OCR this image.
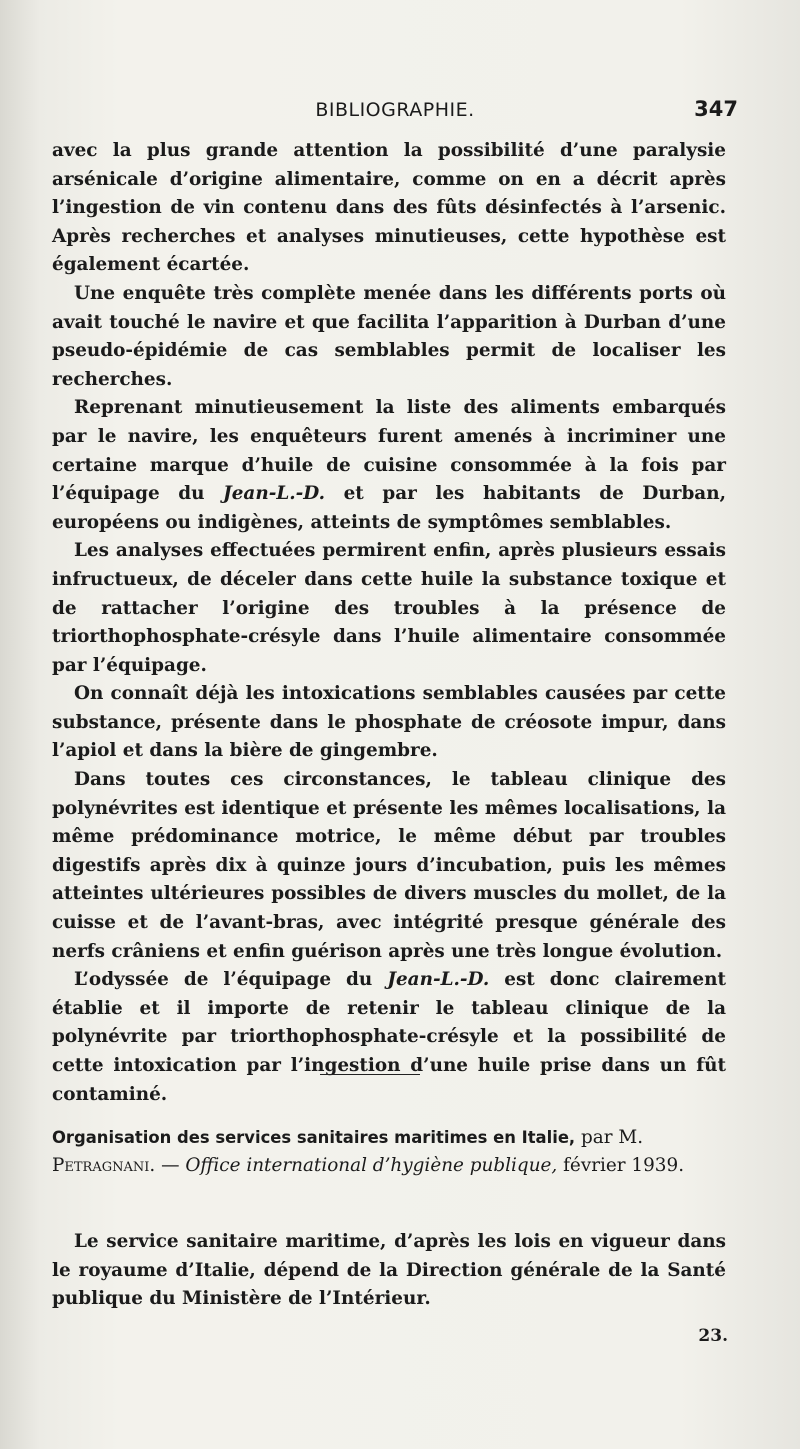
BIBLIOGRAPHIE.	347

avec la plus grande attention la possibilité d’une paralysie arsénicale d’origine alimentaire, comme on en a décrit après l’ingestion de vin contenu dans des fûts désinfectés à l’arsenic. Après recherches et analyses minutieuses, cette hypothèse est également écartée.

Une enquête très complète menée dans les différents ports où avait touché le navire et que facilita l’apparition à Durban d’une pseudo-épidémie de cas semblables permit de localiser les recherches.

Reprenant minutieusement la liste des aliments embarqués par le navire, les enquêteurs furent amenés à incriminer une certaine marque d’huile de cuisine consommée à la fois par l’équipage du Jean-L.-D. et par les habitants de Durban, européens ou indigènes, atteints de symptômes semblables.

Les analyses effectuées permirent enfin, après plusieurs essais infructueux, de déceler dans cette huile la substance toxique et de rattacher l’origine des troubles à la présence de triorthophosphate-crésyle dans l’huile alimentaire consommée par l’équipage.

On connaît déjà les intoxications semblables causées par cette substance, présente dans le phosphate de créosote impur, dans l’apiol et dans la bière de gingembre.

Dans toutes ces circonstances, le tableau clinique des polynévrites est identique et présente les mêmes localisations, la même prédominance motrice, le même début par troubles digestifs après dix à quinze jours d’incubation, puis les mêmes atteintes ultérieures possibles de divers muscles du mollet, de la cuisse et de l’avant-bras, avec intégrité presque générale des nerfs crâniens et enfin guérison après une très longue évolution.

L’odyssée de l’équipage du Jean-L.-D. est donc clairement établie et il importe de retenir le tableau clinique de la polynévrite par triorthophosphate-crésyle et la possibilité de cette intoxication par l’ingestion d’une huile prise dans un fût contaminé.

Organisation des services sanitaires maritimes en Italie, par M. Petragnani. — Office international d’hygiène publique, février 1939.

Le service sanitaire maritime, d’après les lois en vigueur dans le royaume d’Italie, dépend de la Direction générale de la Santé publique du Ministère de l’Intérieur.

23.
